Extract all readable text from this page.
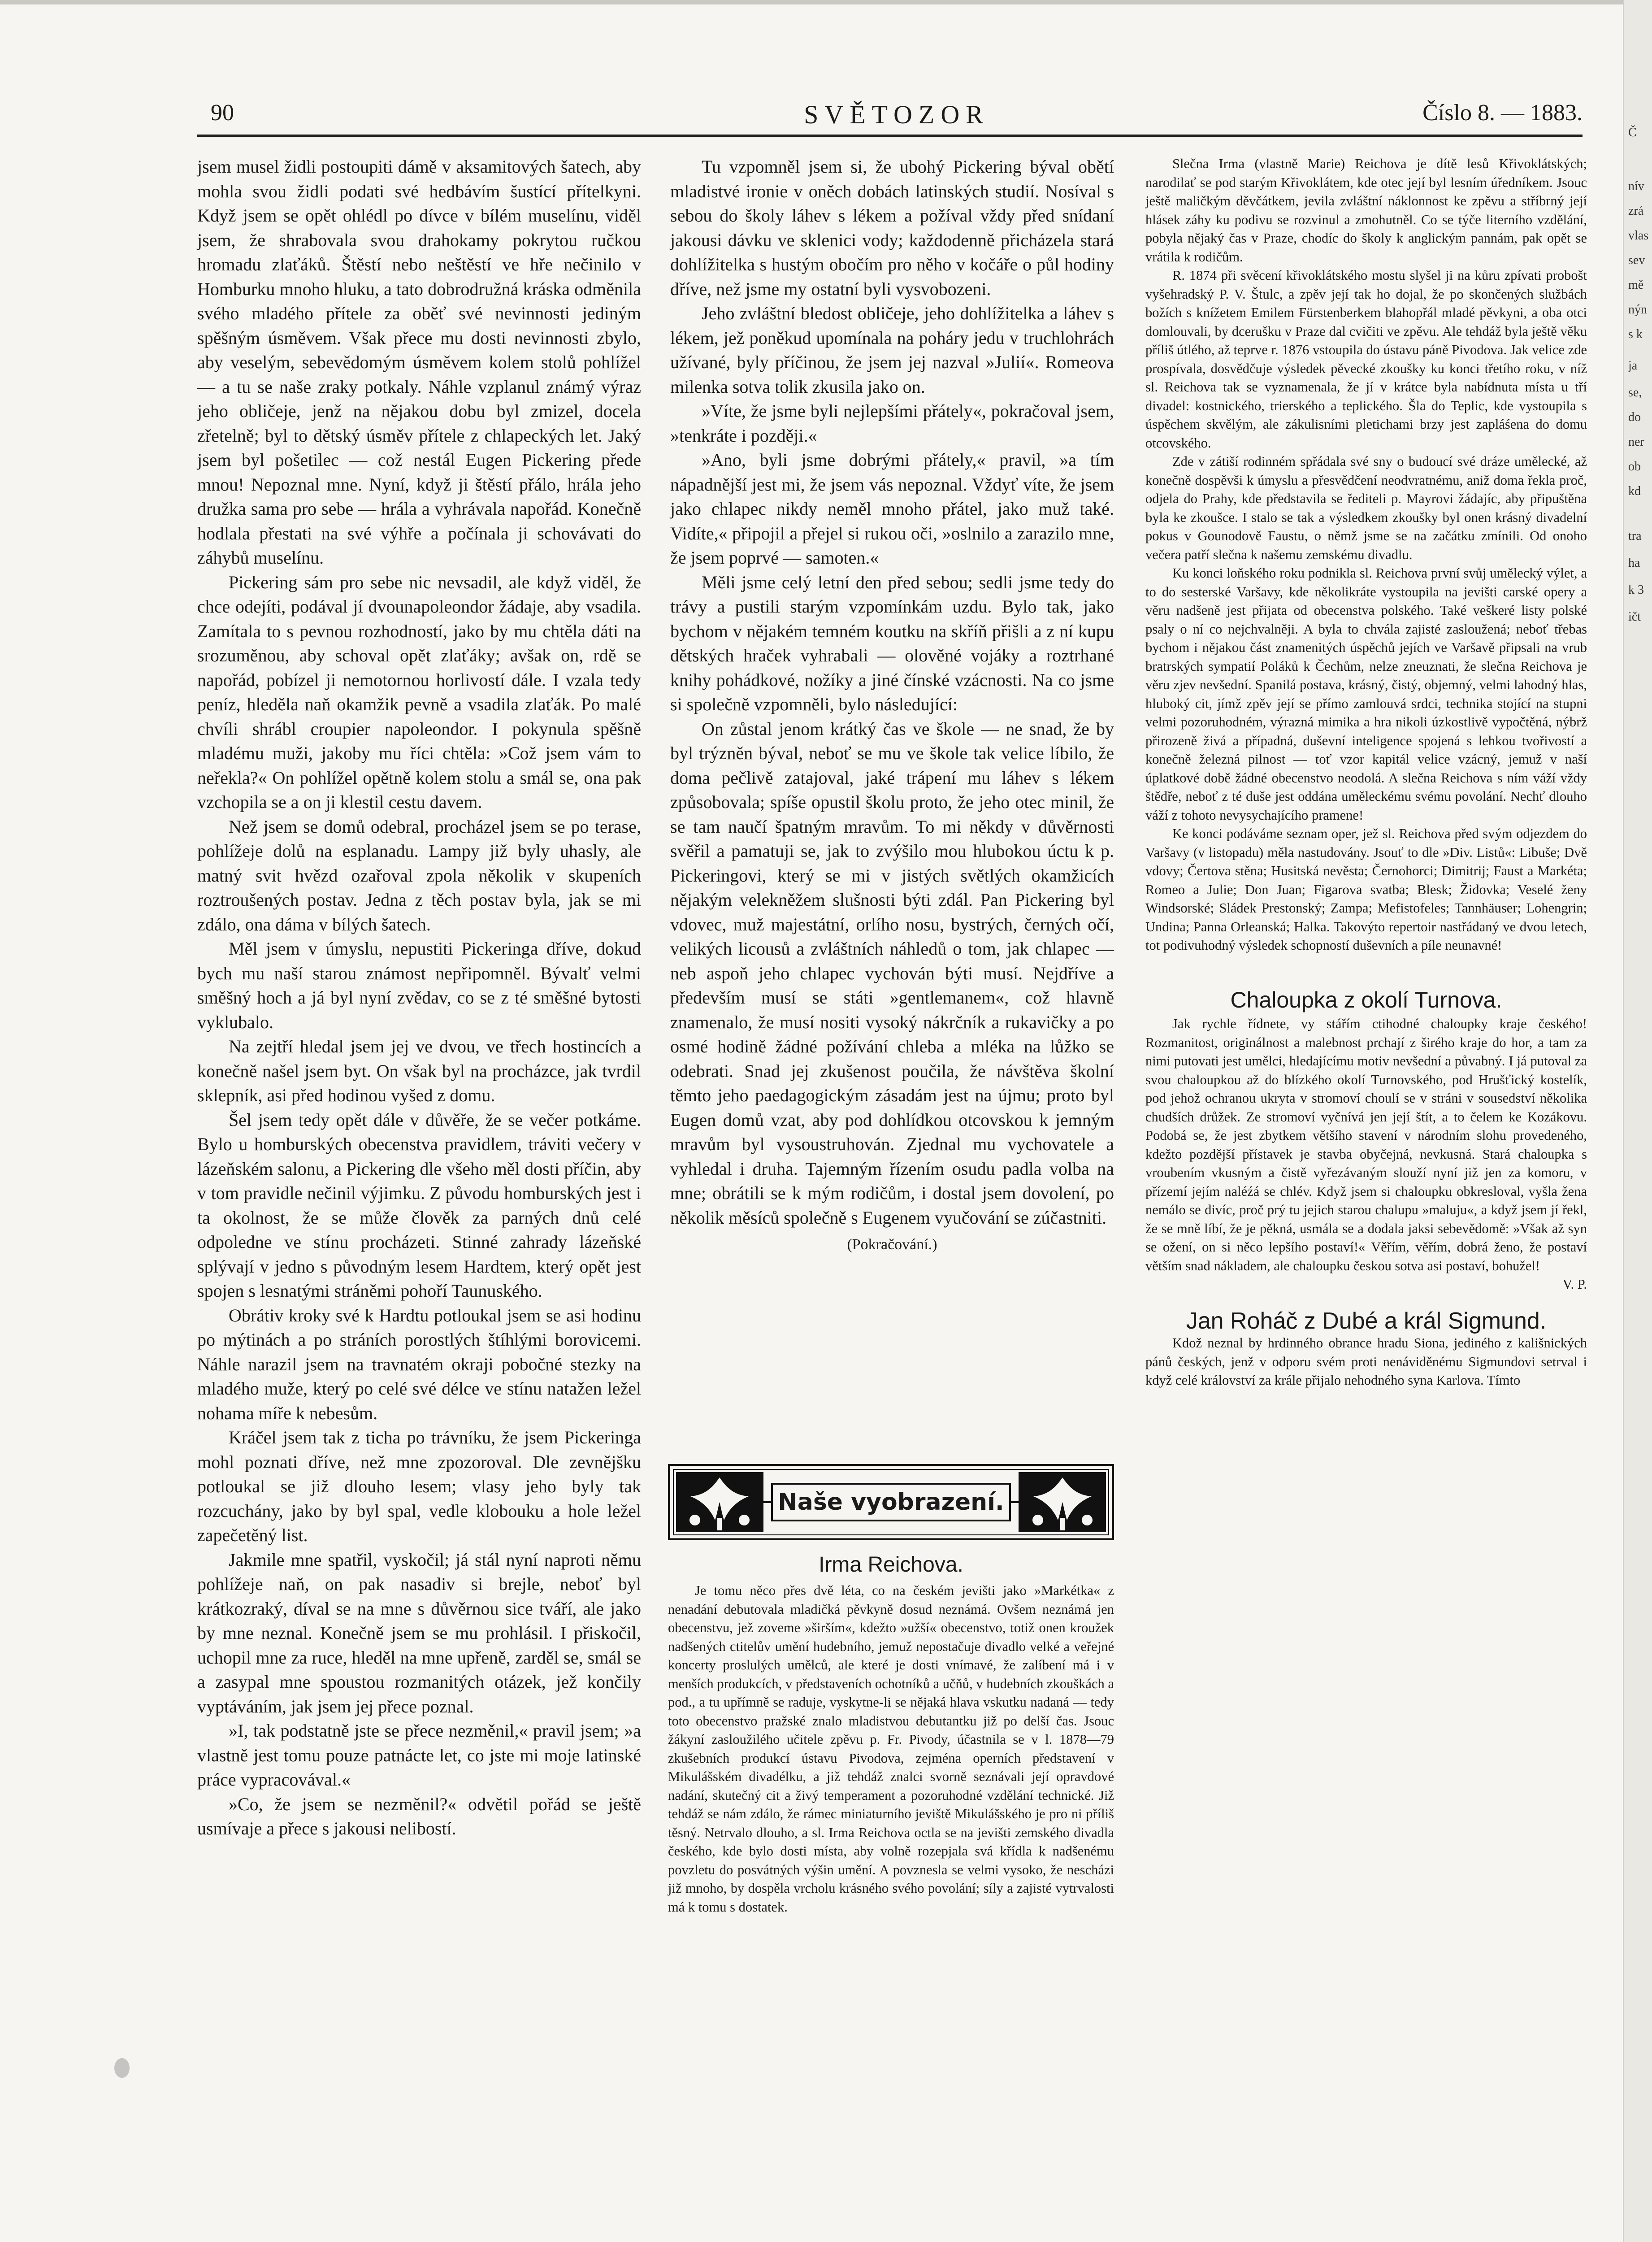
90	SVĚTOZOR	Číslo 8. — 1883.

jsem musel židli postoupiti dámě v aksamitových šatech, aby mohla svou židli podati své hedbávím šustící přítelkyni. Když jsem se opět ohlédl po dívce v bílém muselínu, viděl jsem, že shrabovala svou drahokamy pokrytou ručkou hromadu zlaťáků. Štěstí nebo neštěstí ve hře nečinilo v Homburku mnoho hluku, a tato dobrodružná kráska odměnila svého mladého přítele za oběť své nevinnosti jediným spěšným úsměvem. Však přece mu dosti nevinnosti zbylo, aby veselým, sebevědomým úsměvem kolem stolů pohlížel — a tu se naše zraky potkaly. Náhle vzplanul známý výraz jeho obličeje, jenž na nějakou dobu byl zmizel, docela zřetelně; byl to dětský úsměv přítele z chlapeckých let. Jaký jsem byl pošetilec — což nestál Eugen Pickering přede mnou! Nepoznal mne. Nyní, když ji štěstí přálo, hrála jeho družka sama pro sebe — hrála a vyhrávala napořád. Konečně hodlala přestati na své výhře a počínala ji schovávati do záhybů muselínu.

Pickering sám pro sebe nic nevsadil, ale když viděl, že chce odejíti, podával jí dvounapoleondor žádaje, aby vsadila. Zamítala to s pevnou rozhodností, jako by mu chtěla dáti na srozuměnou, aby schoval opět zlaťáky; avšak on, rdě se napořád, pobízel ji nemotornou horlivostí dále. I vzala tedy peníz, hleděla naň okamžik pevně a vsadila zlaťák. Po malé chvíli shrábl croupier napoleondor. I pokynula spěšně mladému muži, jakoby mu říci chtěla: »Což jsem vám to neřekla?« On pohlížel opětně kolem stolu a smál se, ona pak vzchopila se a on ji klestil cestu davem.

Než jsem se domů odebral, procházel jsem se po terase, pohlížeje dolů na esplanadu. Lampy již byly uhasly, ale matný svit hvězd ozařoval zpola několik v skupeních roztroušených postav. Jedna z těch postav byla, jak se mi zdálo, ona dáma v bílých šatech.

Měl jsem v úmyslu, nepustiti Pickeringa dříve, dokud bych mu naší starou známost nepřipomněl. Bývalť velmi směšný hoch a já byl nyní zvědav, co se z té směšné bytosti vyklubalo.

Na zejtří hledal jsem jej ve dvou, ve třech hostincích a konečně našel jsem byt. On však byl na procházce, jak tvrdil sklepník, asi před hodinou vyšed z domu.

Šel jsem tedy opět dále v důvěře, že se večer potkáme. Bylo u homburských obecenstva pravidlem, tráviti večery v lázeňském salonu, a Pickering dle všeho měl dosti příčin, aby v tom pravidle nečinil výjimku. Z původu homburských jest i ta okolnost, že se může člověk za parných dnů celé odpoledne ve stínu procházeti. Stinné zahrady lázeňské splývají v jedno s původným lesem Hardtem, který opět jest spojen s lesnatými stráněmi pohoří Taunuského.

Obrátiv kroky své k Hardtu potloukal jsem se asi hodinu po mýtinách a po stráních porostlých štíhlými borovicemi. Náhle narazil jsem na travnatém okraji pobočné stezky na mladého muže, který po celé své délce ve stínu natažen ležel nohama míře k nebesům.

Kráčel jsem tak z ticha po trávníku, že jsem Pickeringa mohl poznati dříve, než mne zpozoroval. Dle zevnějšku potloukal se již dlouho lesem; vlasy jeho byly tak rozcuchány, jako by byl spal, vedle klobouku a hole ležel zapečetěný list.

Jakmile mne spatřil, vyskočil; já stál nyní naproti němu pohlížeje naň, on pak nasadiv si brejle, neboť byl krátkozraký, díval se na mne s důvěrnou sice tváří, ale jako by mne neznal. Konečně jsem se mu prohlásil. I přiskočil, uchopil mne za ruce, hleděl na mne upřeně, zarděl se, smál se a zasypal mne spoustou rozmanitých otázek, jež končily vyptáváním, jak jsem jej přece poznal.

»I, tak podstatně jste se přece nezměnil,« pravil jsem; »a vlastně jest tomu pouze patnácte let, co jste mi moje latinské práce vypracovával.«

»Co, že jsem se nezměnil?« odvětil pořád se ještě usmívaje a přece s jakousi nelibostí.

Tu vzpomněl jsem si, že ubohý Pickering býval obětí mladistvé ironie v oněch dobách latinských studií. Nosíval s sebou do školy láhev s lékem a požíval vždy před snídaní jakousi dávku ve sklenici vody; každodenně přicházela stará dohlížitelka s hustým obočím pro něho v kočáře o půl hodiny dříve, než jsme my ostatní byli vysvobozeni.

Jeho zvláštní bledost obličeje, jeho dohlížitelka a láhev s lékem, jež poněkud upomínala na poháry jedu v truchlohrách užívané, byly příčinou, že jsem jej nazval »Julií«. Romeova milenka sotva tolik zkusila jako on.

»Víte, že jsme byli nejlepšími přátely«, pokračoval jsem, »tenkráte i později.«

»Ano, byli jsme dobrými přátely,« pravil, »a tím nápadnější jest mi, že jsem vás nepoznal. Vždyť víte, že jsem jako chlapec nikdy neměl mnoho přátel, jako muž také. Vidíte,« připojil a přejel si rukou oči, »oslnilo a zarazilo mne, že jsem poprvé — samoten.«

Měli jsme celý letní den před sebou; sedli jsme tedy do trávy a pustili starým vzpomínkám uzdu. Bylo tak, jako bychom v nějakém temném koutku na skříň přišli a z ní kupu dětských hraček vyhrabali — olověné vojáky a roztrhané knihy pohádkové, nožíky a jiné čínské vzácnosti. Na co jsme si společně vzpomněli, bylo následující:

On zůstal jenom krátký čas ve škole — ne snad, že by byl trýzněn býval, neboť se mu ve škole tak velice líbilo, že doma pečlivě zatajoval, jaké trápení mu láhev s lékem způsobovala; spíše opustil školu proto, že jeho otec minil, že se tam naučí špatným mravům. To mi někdy v důvěrnosti svěřil a pamatuji se, jak to zvýšilo mou hlubokou úctu k p. Pickeringovi, který se mi v jistých světlých okamžicích nějakým velekněžem slušnosti býti zdál. Pan Pickering byl vdovec, muž majestátní, orlího nosu, bystrých, černých očí, velikých licousů a zvláštních náhledů o tom, jak chlapec — neb aspoň jeho chlapec vychován býti musí. Nejdříve a především musí se státi »gentlemanem«, což hlavně znamenalo, že musí nositi vysoký nákrčník a rukavičky a po osmé hodině žádné požívání chleba a mléka na lůžko se odebrati. Snad jej zkušenost poučila, že návštěva školní těmto jeho paedagogickým zásadám jest na újmu; proto byl Eugen domů vzat, aby pod dohlídkou otcovskou k jemným mravům byl vysoustruhován. Zjednal mu vychovatele a vyhledal i druha. Tajemným řízením osudu padla volba na mne; obrátili se k mým rodičům, i dostal jsem dovolení, po několik měsíců společně s Eugenem vyučování se zúčastniti.

(Pokračování.)

Naše vyobrazení.
Irma Reichova.

Je tomu něco přes dvě léta, co na českém jevišti jako »Markétka« z nenadání debutovala mladičká pěvkyně dosud neznámá. Ovšem neznámá jen obecenstvu, jež zoveme »širším«, kdežto »užší« obecenstvo, totiž onen kroužek nadšených ctitelův umění hudebního, jemuž nepostačuje divadlo velké a veřejné koncerty proslulých umělců, ale které je dosti vnímavé, že zalíbení má i v menších produkcích, v představeních ochotníků a učňů, v hudebních zkouškách a pod., a tu upřímně se raduje, vyskytne-li se nějaká hlava vskutku nadaná — tedy toto obecenstvo pražské znalo mladistvou debutantku již po delší čas. Jsouc žákyní zasloužilého učitele zpěvu p. Fr. Pivody, účastnila se v l. 1878—79 zkušebních produkcí ústavu Pivodova, zejména operních představení v Mikulášském divadélku, a již tehdáž znalci svorně seznávali její opravdové nadání, skutečný cit a živý temperament a pozoruhodné vzdělání technické. Již tehdáž se nám zdálo, že rámec miniaturního jeviště Mikulášského je pro ni příliš těsný. Netrvalo dlouho, a sl. Irma Reichova octla se na jevišti zemského divadla českého, kde bylo dosti místa, aby volně rozepjala svá křídla k nadšenému povzletu do posvátných výšin umění. A povznesla se velmi vysoko, že nescházi již mnoho, by dospěla vrcholu krásného svého povolání; síly a zajisté vytrvalosti má k tomu s dostatek.

Slečna Irma (vlastně Marie) Reichova je dítě lesů Křivoklátských; narodilať se pod starým Křivoklátem, kde otec její byl lesním úředníkem. Jsouc ještě maličkým děvčátkem, jevila zvláštní náklonnost ke zpěvu a stříbrný její hlásek záhy ku podivu se rozvinul a zmohutněl. Co se týče literního vzdělání, pobyla nějaký čas v Praze, chodíc do školy k anglickým pannám, pak opět se vrátila k rodičům.

R. 1874 při svěcení křivoklátského mostu slyšel ji na kůru zpívati probošt vyšehradský P. V. Štulc, a zpěv její tak ho dojal, že po skončených službách božích s knížetem Emilem Fürstenberkem blahopřál mladé pěvkyni, a oba otci domlouvali, by dcerušku v Praze dal cvičiti ve zpěvu. Ale tehdáž byla ještě věku příliš útlého, až teprve r. 1876 vstoupila do ústavu páně Pivodova. Jak velice zde prospívala, dosvědčuje výsledek pěvecké zkoušky ku konci třetího roku, v níž sl. Reichova tak se vyznamenala, že jí v krátce byla nabídnuta místa u tří divadel: kostnického, trierského a teplického. Šla do Teplic, kde vystoupila s úspěchem skvělým, ale zákulisními pletichami brzy jest zapláśena do domu otcovského.

Zde v zátiší rodinném spřádala své sny o budoucí své dráze umělecké, až konečně dospěvši k úmyslu a přesvědčení neodvratnému, aniž doma řekla proč, odjela do Prahy, kde představila se řediteli p. Mayrovi žádajíc, aby připuštěna byla ke zkoušce. I stalo se tak a výsledkem zkoušky byl onen krásný divadelní pokus v Gounodově Faustu, o němž jsme se na začátku zmínili. Od onoho večera patří slečna k našemu zemskému divadlu.

Ku konci loňského roku podnikla sl. Reichova první svůj umělecký výlet, a to do sesterské Varšavy, kde několikráte vystoupila na jevišti carské opery a věru nadšeně jest přijata od obecenstva polského. Také veškeré listy polské psaly o ní co nejchvalněji. A byla to chvála zajisté zasloužená; neboť třebas bychom i nějakou část znamenitých úspěchů jejích ve Varšavě připsali na vrub bratrských sympatií Poláků k Čechům, nelze zneuznati, že slečna Reichova je věru zjev nevšední. Spanilá postava, krásný, čistý, objemný, velmi lahodný hlas, hluboký cit, jímž zpěv její se přímo zamlouvá srdci, technika stojící na stupni velmi pozoruhodném, výrazná mimika a hra nikoli úzkostlivě vypočtěná, nýbrž přirozeně živá a případná, duševní inteligence spojená s lehkou tvořivostí a konečně železná pilnost — toť vzor kapitál velice vzácný, jemuž v naší úplatkové době žádné obecenstvo neodolá. A slečna Reichova s ním váží vždy štědře, neboť z té duše jest oddána uměleckému svému povolání. Nechť dlouho váží z tohoto nevysychajícího pramene!

Ke konci podáváme seznam oper, jež sl. Reichova před svým odjezdem do Varšavy (v listopadu) měla nastudovány. Jsouť to dle »Div. Listů«: Libuše; Dvě vdovy; Čertova stěna; Husitská nevěsta; Černohorci; Dimitrij; Faust a Markéta; Romeo a Julie; Don Juan; Figarova svatba; Blesk; Židovka; Veselé ženy Windsorské; Sládek Prestonský; Zampa; Mefistofeles; Tannhäuser; Lohengrin; Undina; Panna Orleanská; Halka. Takovýto repertoir nastřádaný ve dvou letech, tot podivuhodný výsledek schopností duševních a píle neunavné!

Chaloupka z okolí Turnova.

Jak rychle řídnete, vy stářím ctihodné chaloupky kraje českého! Rozmanitost, originálnost a malebnost prchají z širého kraje do hor, a tam za nimi putovati jest umělci, hledajícímu motiv nevšední a půvabný. I já putoval za svou chaloupkou až do blízkého okolí Turnovského, pod Hrušťický kostelík, pod jehož ochranou ukryta v stromoví choulí se v stráni v sousedství několika chudších drůžek. Ze stromoví vyčnívá jen její štít, a to čelem ke Kozákovu. Podobá se, že jest zbytkem většího stavení v národním slohu provedeného, kdežto pozdější přístavek je stavba obyčejná, nevkusná. Stará chaloupka s vroubením vkusným a čistě vyřezávaným slouží nyní již jen za komoru, v přízemí jejím naléźá se chlév. Když jsem si chaloupku obkresloval, vyšla žena nemálo se divíc, proč prý tu jejich starou chalupu »maluju«, a když jsem jí řekl, že se mně líbí, že je pěkná, usmála se a dodala jaksi sebevědomě: »Však až syn se ožení, on si něco lepšího postaví!« Věřím, věřím, dobrá ženo, že postaví větším snad nákladem, ale chaloupku českou sotva asi postaví, bohužel!

V. P.

Jan Roháč z Dubé a král Sigmund.

Kdož neznal by hrdinného obrance hradu Siona, jediného z kališnických pánů českých, jenž v odporu svém proti nenáviděnému Sigmundovi setrval i když celé království za krále přijalo nehodného syna Karlova. Tímto

Č
nív
zrá
vlas
sev
mě
nýn
s k
ja
se,
do
ner
ob
kd
tra
ha
k 3
ičt
